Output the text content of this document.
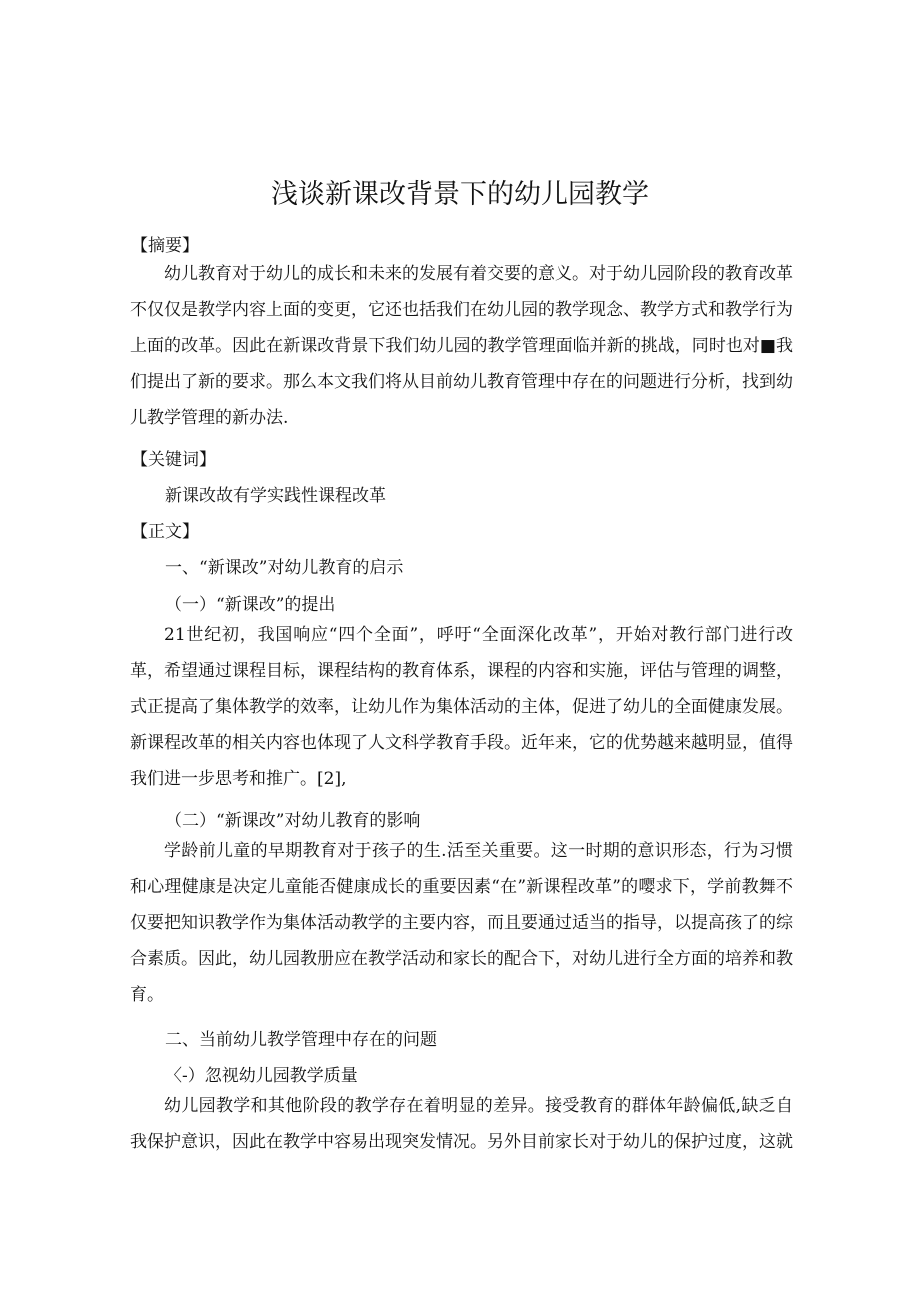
浅谈新课改背景下的幼儿园教学
【摘要】
幼儿教育对于幼儿的成长和未来的发展有着交要的意义。对于幼儿园阶段的教育改革不仅仅是教学内容上面的变更，它还也括我们在幼儿园的教学现念、教学方式和教学行为上面的改革。因此在新课改背景下我们幼儿园的教学管理面临并新的挑战，同时也对■我们提出了新的要求。那么本文我们将从目前幼儿教育管理中存在的问题进行分析，找到幼儿教学管理的新办法.
【关键词】
新课改故有学实践性课程改革
【正文】
一、“新课改”对幼儿教育的启示
（一）“新课改”的提出
21世纪初，我国响应“四个全面”，呼吁“全面深化改革”，开始对教行部门进行改革，希望通过课程目标，课程结构的教育体系，课程的内容和实施，评估与管理的调整，式正提高了集体教学的效率，让幼儿作为集体活动的主体，促进了幼儿的全面健康发展。新课程改革的相关内容也体现了人文科学教育手段。近年来，它的优势越来越明显，值得我们进一步思考和推广。[2],
（二）“新课改”对幼儿教育的影响
学龄前儿童的早期教育对于孩子的生.活至关重要。这一时期的意识形态，行为习惯和心理健康是决定儿童能否健康成长的重要因素“在”新课程改革”的嘤求下，学前教舞不仅要把知识教学作为集体活动教学的主要内容，而且要通过适当的指导，以提高孩了的综合素质。因此，幼儿园教册应在教学活动和家长的配合下，对幼儿进行全方面的培养和教育。
二、当前幼儿教学管理中存在的问题
〈-）忽视幼儿园教学质量
幼儿园教学和其他阶段的教学存在着明显的差异。接受教育的群体年龄偏低,缺乏自我保护意识，因此在教学中容易出现突发情况。另外目前家长对于幼儿的保护过度，这就
